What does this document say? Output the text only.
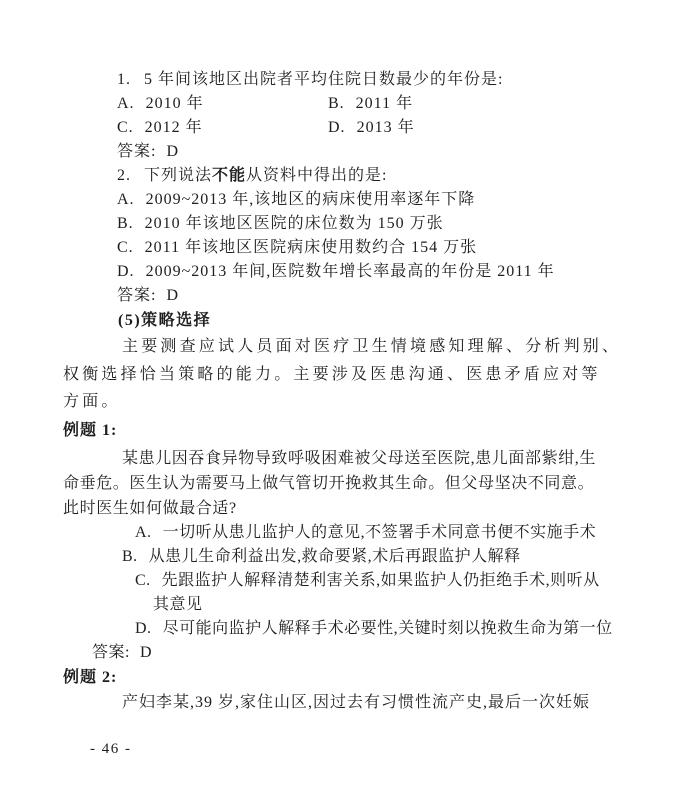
1. 5 年间该地区出院者平均住院日数最少的年份是:
A. 2010 年	B. 2011 年
C. 2012 年	D. 2013 年
答案: D
2. 下列说法不能从资料中得出的是:
A. 2009~2013 年,该地区的病床使用率逐年下降
B. 2010 年该地区医院的床位数为 150 万张
C. 2011 年该地区医院病床使用数约合 154 万张
D. 2009~2013 年间,医院数年增长率最高的年份是 2011 年
答案: D
(5)策略选择
主要测查应试人员面对医疗卫生情境感知理解、分析判别、
权衡选择恰当策略的能力。主要涉及医患沟通、医患矛盾应对等
方面。
例题 1:
某患儿因吞食异物导致呼吸困难被父母送至医院,患儿面部紫绀,生
命垂危。医生认为需要马上做气管切开挽救其生命。但父母坚决不同意。
此时医生如何做最合适?
A. 一切听从患儿监护人的意见,不签署手术同意书便不实施手术
B. 从患儿生命利益出发,救命要紧,术后再跟监护人解释
C. 先跟监护人解释清楚利害关系,如果监护人仍拒绝手术,则听从
其意见
D. 尽可能向监护人解释手术必要性,关键时刻以挽救生命为第一位
答案: D
例题 2:
产妇李某,39 岁,家住山区,因过去有习惯性流产史,最后一次妊娠
- 46 -
